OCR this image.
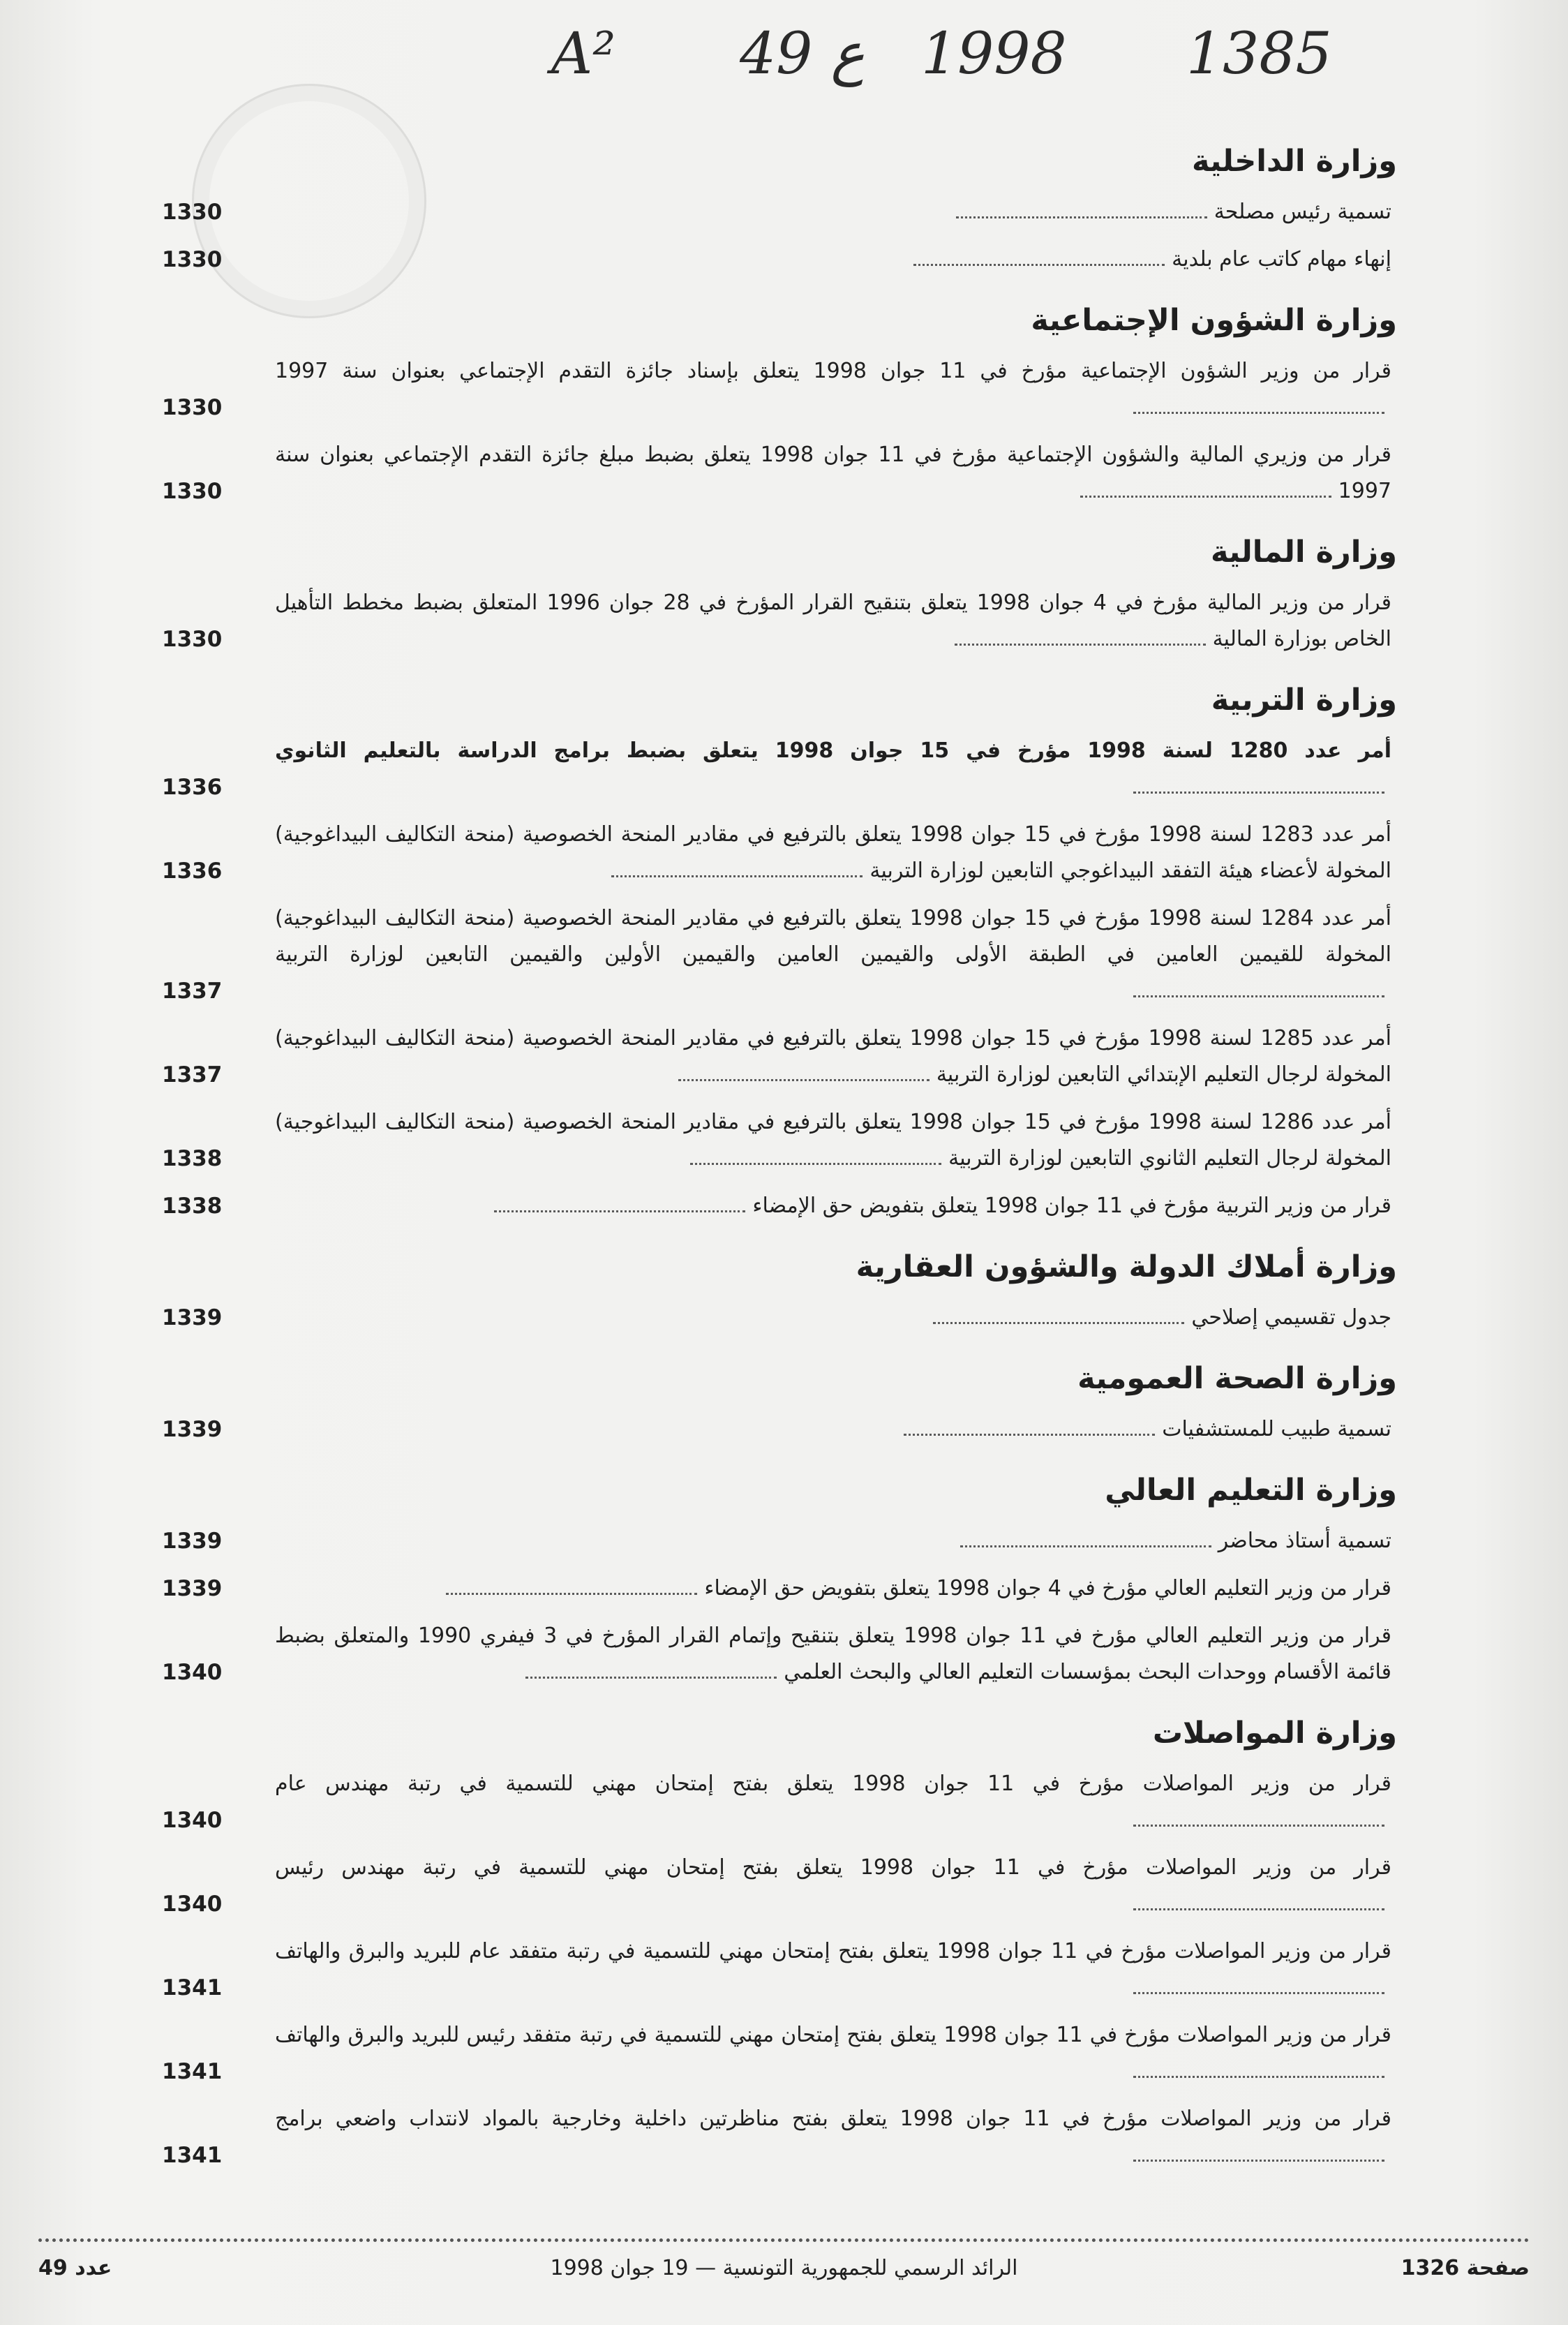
A² 49 ع 1998 1385
وزارة الداخلية
تسمية رئيس مصلحة
1330
إنهاء مهام كاتب عام بلدية
1330
وزارة الشؤون الإجتماعية
قرار من وزير الشؤون الإجتماعية مؤرخ في 11 جوان 1998 يتعلق بإسناد جائزة التقدم الإجتماعي بعنوان سنة 1997
1330
قرار من وزيري المالية والشؤون الإجتماعية مؤرخ في 11 جوان 1998 يتعلق بضبط مبلغ جائزة التقدم الإجتماعي بعنوان سنة 1997
1330
وزارة المالية
قرار من وزير المالية مؤرخ في 4 جوان 1998 يتعلق بتنقيح القرار المؤرخ في 28 جوان 1996 المتعلق بضبط مخطط التأهيل الخاص بوزارة المالية
1330
وزارة التربية
أمر عدد 1280 لسنة 1998 مؤرخ في 15 جوان 1998 يتعلق بضبط برامج الدراسة بالتعليم الثانوي
1336
أمر عدد 1283 لسنة 1998 مؤرخ في 15 جوان 1998 يتعلق بالترفيع في مقادير المنحة الخصوصية (منحة التكاليف البيداغوجية) المخولة لأعضاء هيئة التفقد البيداغوجي التابعين لوزارة التربية
1336
أمر عدد 1284 لسنة 1998 مؤرخ في 15 جوان 1998 يتعلق بالترفيع في مقادير المنحة الخصوصية (منحة التكاليف البيداغوجية) المخولة للقيمين العامين في الطبقة الأولى والقيمين العامين والقيمين الأولين والقيمين التابعين لوزارة التربية
1337
أمر عدد 1285 لسنة 1998 مؤرخ في 15 جوان 1998 يتعلق بالترفيع في مقادير المنحة الخصوصية (منحة التكاليف البيداغوجية) المخولة لرجال التعليم الإبتدائي التابعين لوزارة التربية
1337
أمر عدد 1286 لسنة 1998 مؤرخ في 15 جوان 1998 يتعلق بالترفيع في مقادير المنحة الخصوصية (منحة التكاليف البيداغوجية) المخولة لرجال التعليم الثانوي التابعين لوزارة التربية
1338
قرار من وزير التربية مؤرخ في 11 جوان 1998 يتعلق بتفويض حق الإمضاء
1338
وزارة أملاك الدولة والشؤون العقارية
جدول تقسيمي إصلاحي
1339
وزارة الصحة العمومية
تسمية طبيب للمستشفيات
1339
وزارة التعليم العالي
تسمية أستاذ محاضر
1339
قرار من وزير التعليم العالي مؤرخ في 4 جوان 1998 يتعلق بتفويض حق الإمضاء
1339
قرار من وزير التعليم العالي مؤرخ في 11 جوان 1998 يتعلق بتنقيح وإتمام القرار المؤرخ في 3 فيفري 1990 والمتعلق بضبط قائمة الأقسام ووحدات البحث بمؤسسات التعليم العالي والبحث العلمي
1340
وزارة المواصلات
قرار من وزير المواصلات مؤرخ في 11 جوان 1998 يتعلق بفتح إمتحان مهني للتسمية في رتبة مهندس عام
1340
قرار من وزير المواصلات مؤرخ في 11 جوان 1998 يتعلق بفتح إمتحان مهني للتسمية في رتبة مهندس رئيس
1340
قرار من وزير المواصلات مؤرخ في 11 جوان 1998 يتعلق بفتح إمتحان مهني للتسمية في رتبة متفقد عام للبريد والبرق والهاتف
1341
قرار من وزير المواصلات مؤرخ في 11 جوان 1998 يتعلق بفتح إمتحان مهني للتسمية في رتبة متفقد رئيس للبريد والبرق والهاتف
1341
قرار من وزير المواصلات مؤرخ في 11 جوان 1998 يتعلق بفتح مناظرتين داخلية وخارجية بالمواد لانتداب واضعي برامج
1341
صفحة 1326
الرائد الرسمي للجمهورية التونسية — 19 جوان 1998
عدد 49
